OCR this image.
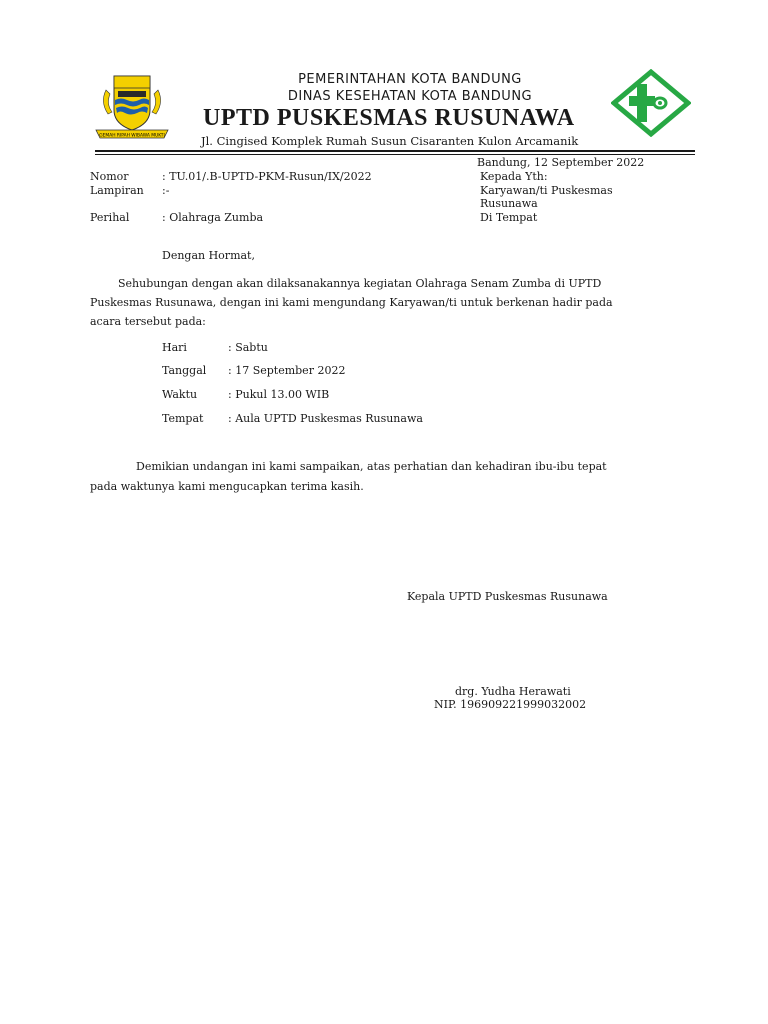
GEMAH RIPAH WIBAWA MUKTI
PEMERINTAHAN KOTA BANDUNG
DINAS KESEHATAN KOTA BANDUNG
UPTD PUSKESMAS RUSUNAWA
Jl. Cingised Komplek Rumah Susun Cisaranten Kulon Arcamanik
Bandung, 12 September 2022
Nomor	: TU.01/.B-UPTD-PKM-Rusun/IX/2022
Lampiran :-
Perihal	: Olahraga Zumba
Kepada Yth:
Karyawan/ti Puskesmas
Rusunawa
Di Tempat
Dengan Hormat,
Sehubungan dengan akan dilaksanakannya kegiatan Olahraga Senam Zumba di UPTD
Puskesmas Rusunawa, dengan ini kami mengundang Karyawan/ti untuk berkenan hadir pada
acara tersebut pada:
Hari	: Sabtu
Tanggal : 17 September 2022
Waktu	: Pukul 13.00 WIB
Tempat : Aula UPTD Puskesmas Rusunawa
Demikian undangan ini kami sampaikan, atas perhatian dan kehadiran ibu-ibu tepat
pada waktunya kami mengucapkan terima kasih.
Kepala UPTD Puskesmas Rusunawa
drg. Yudha Herawati
NIP. 196909221999032002
